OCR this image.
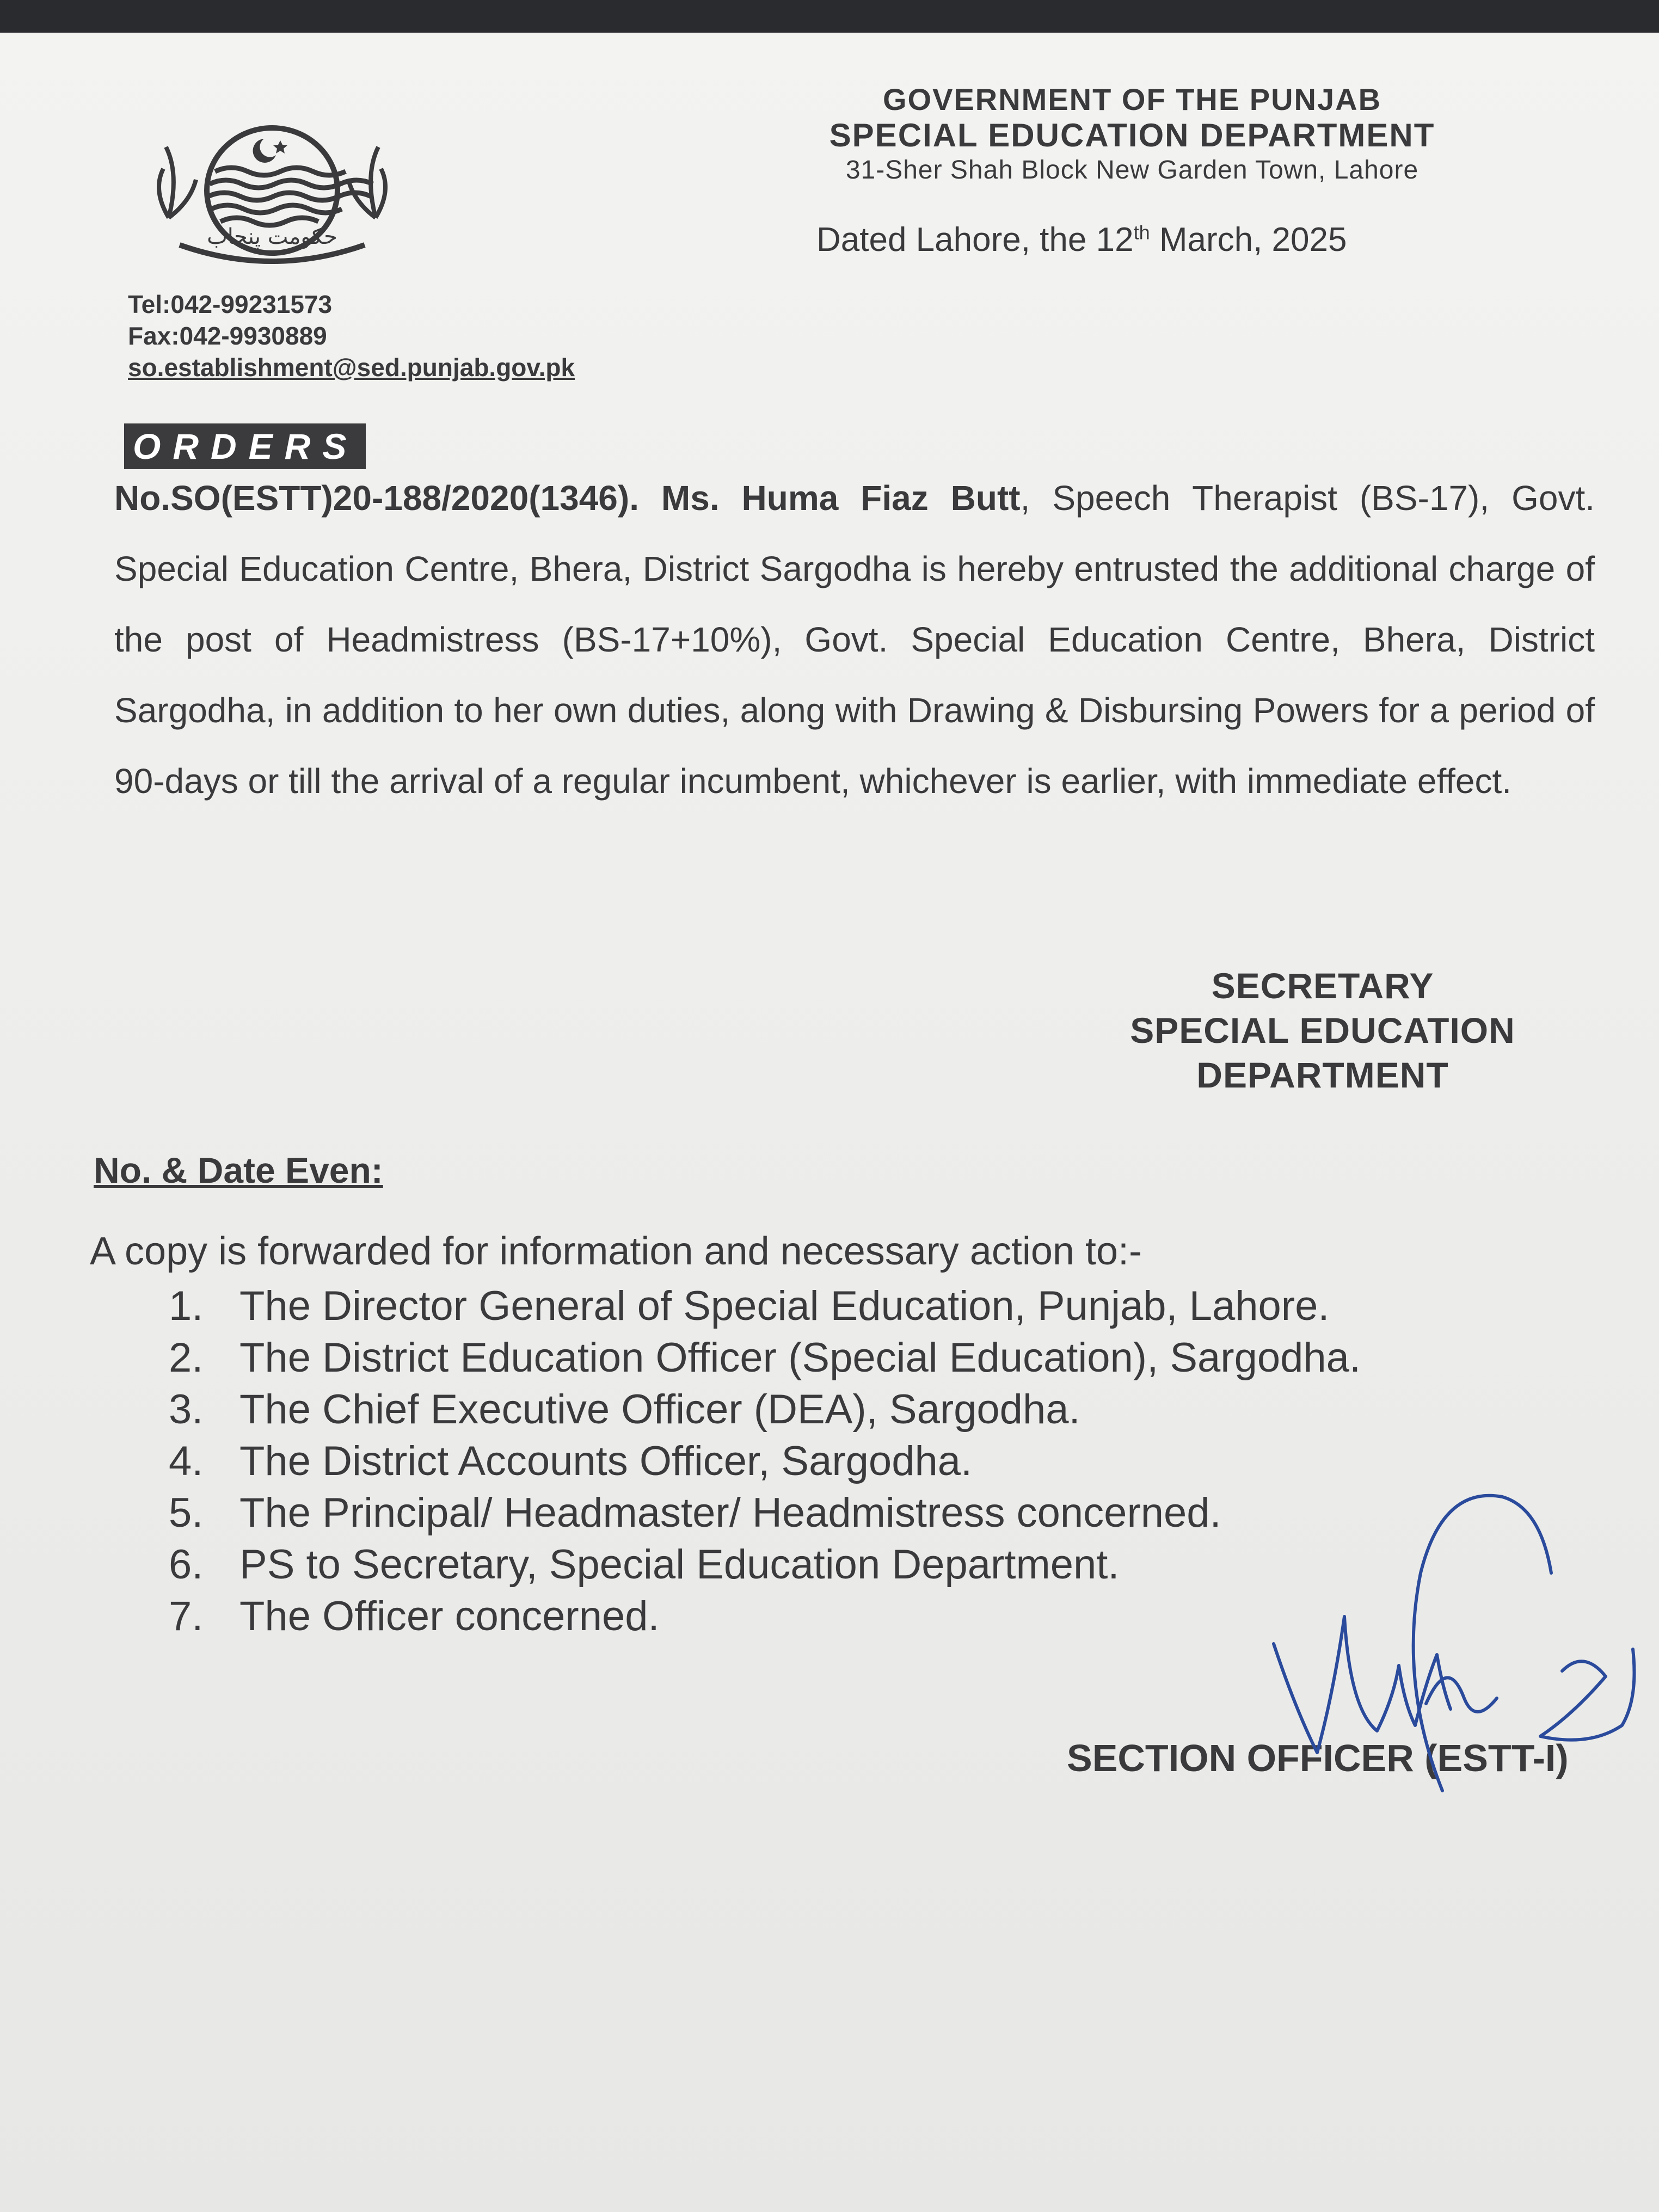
حکومت پنجاب
GOVERNMENT OF THE PUNJAB
SPECIAL EDUCATION DEPARTMENT
31-Sher Shah Block New Garden Town, Lahore
Dated Lahore, the 12th March, 2025
Tel:042-99231573
Fax:042-9930889
so.establishment@sed.punjab.gov.pk
ORDERS
No.SO(ESTT)20-188/2020(1346). Ms. Huma Fiaz Butt, Speech Therapist (BS-17), Govt. Special Education Centre, Bhera, District Sargodha is hereby entrusted the additional charge of the post of Headmistress (BS-17+10%), Govt. Special Education Centre, Bhera, District Sargodha, in addition to her own duties, along with Drawing & Disbursing Powers for a period of 90-days or till the arrival of a regular incumbent, whichever is earlier, with immediate effect.
SECRETARY
SPECIAL EDUCATION
DEPARTMENT
No. & Date Even:
A copy is forwarded for information and necessary action to:-
1. The Director General of Special Education, Punjab, Lahore.
2. The District Education Officer (Special Education), Sargodha.
3. The Chief Executive Officer (DEA), Sargodha.
4. The District Accounts Officer, Sargodha.
5. The Principal/ Headmaster/ Headmistress concerned.
6. PS to Secretary, Special Education Department.
7. The Officer concerned.
SECTION OFFICER (ESTT-I)
